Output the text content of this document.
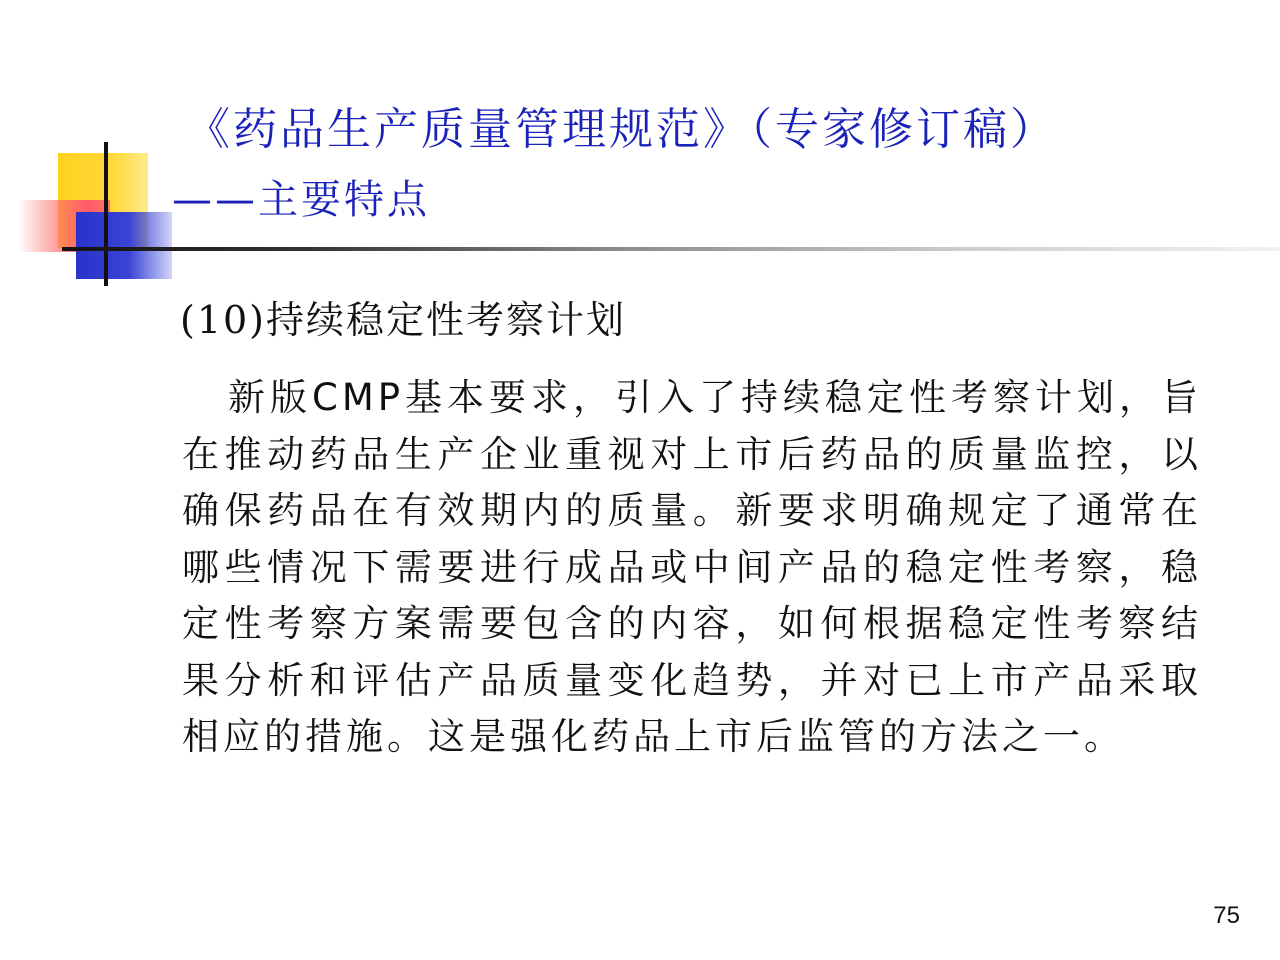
《药品生产质量管理规范》（专家修订稿）
——主要特点
(10)持续稳定性考察计划
新版CMP基本要求，引入了持续稳定性考察计划，旨在推动药品生产企业重视对上市后药品的质量监控，以确保药品在有效期内的质量。新要求明确规定了通常在哪些情况下需要进行成品或中间产品的稳定性考察，稳定性考察方案需要包含的内容，如何根据稳定性考察结果分析和评估产品质量变化趋势，并对已上市产品采取相应的措施。这是强化药品上市后监管的方法之一。
75
